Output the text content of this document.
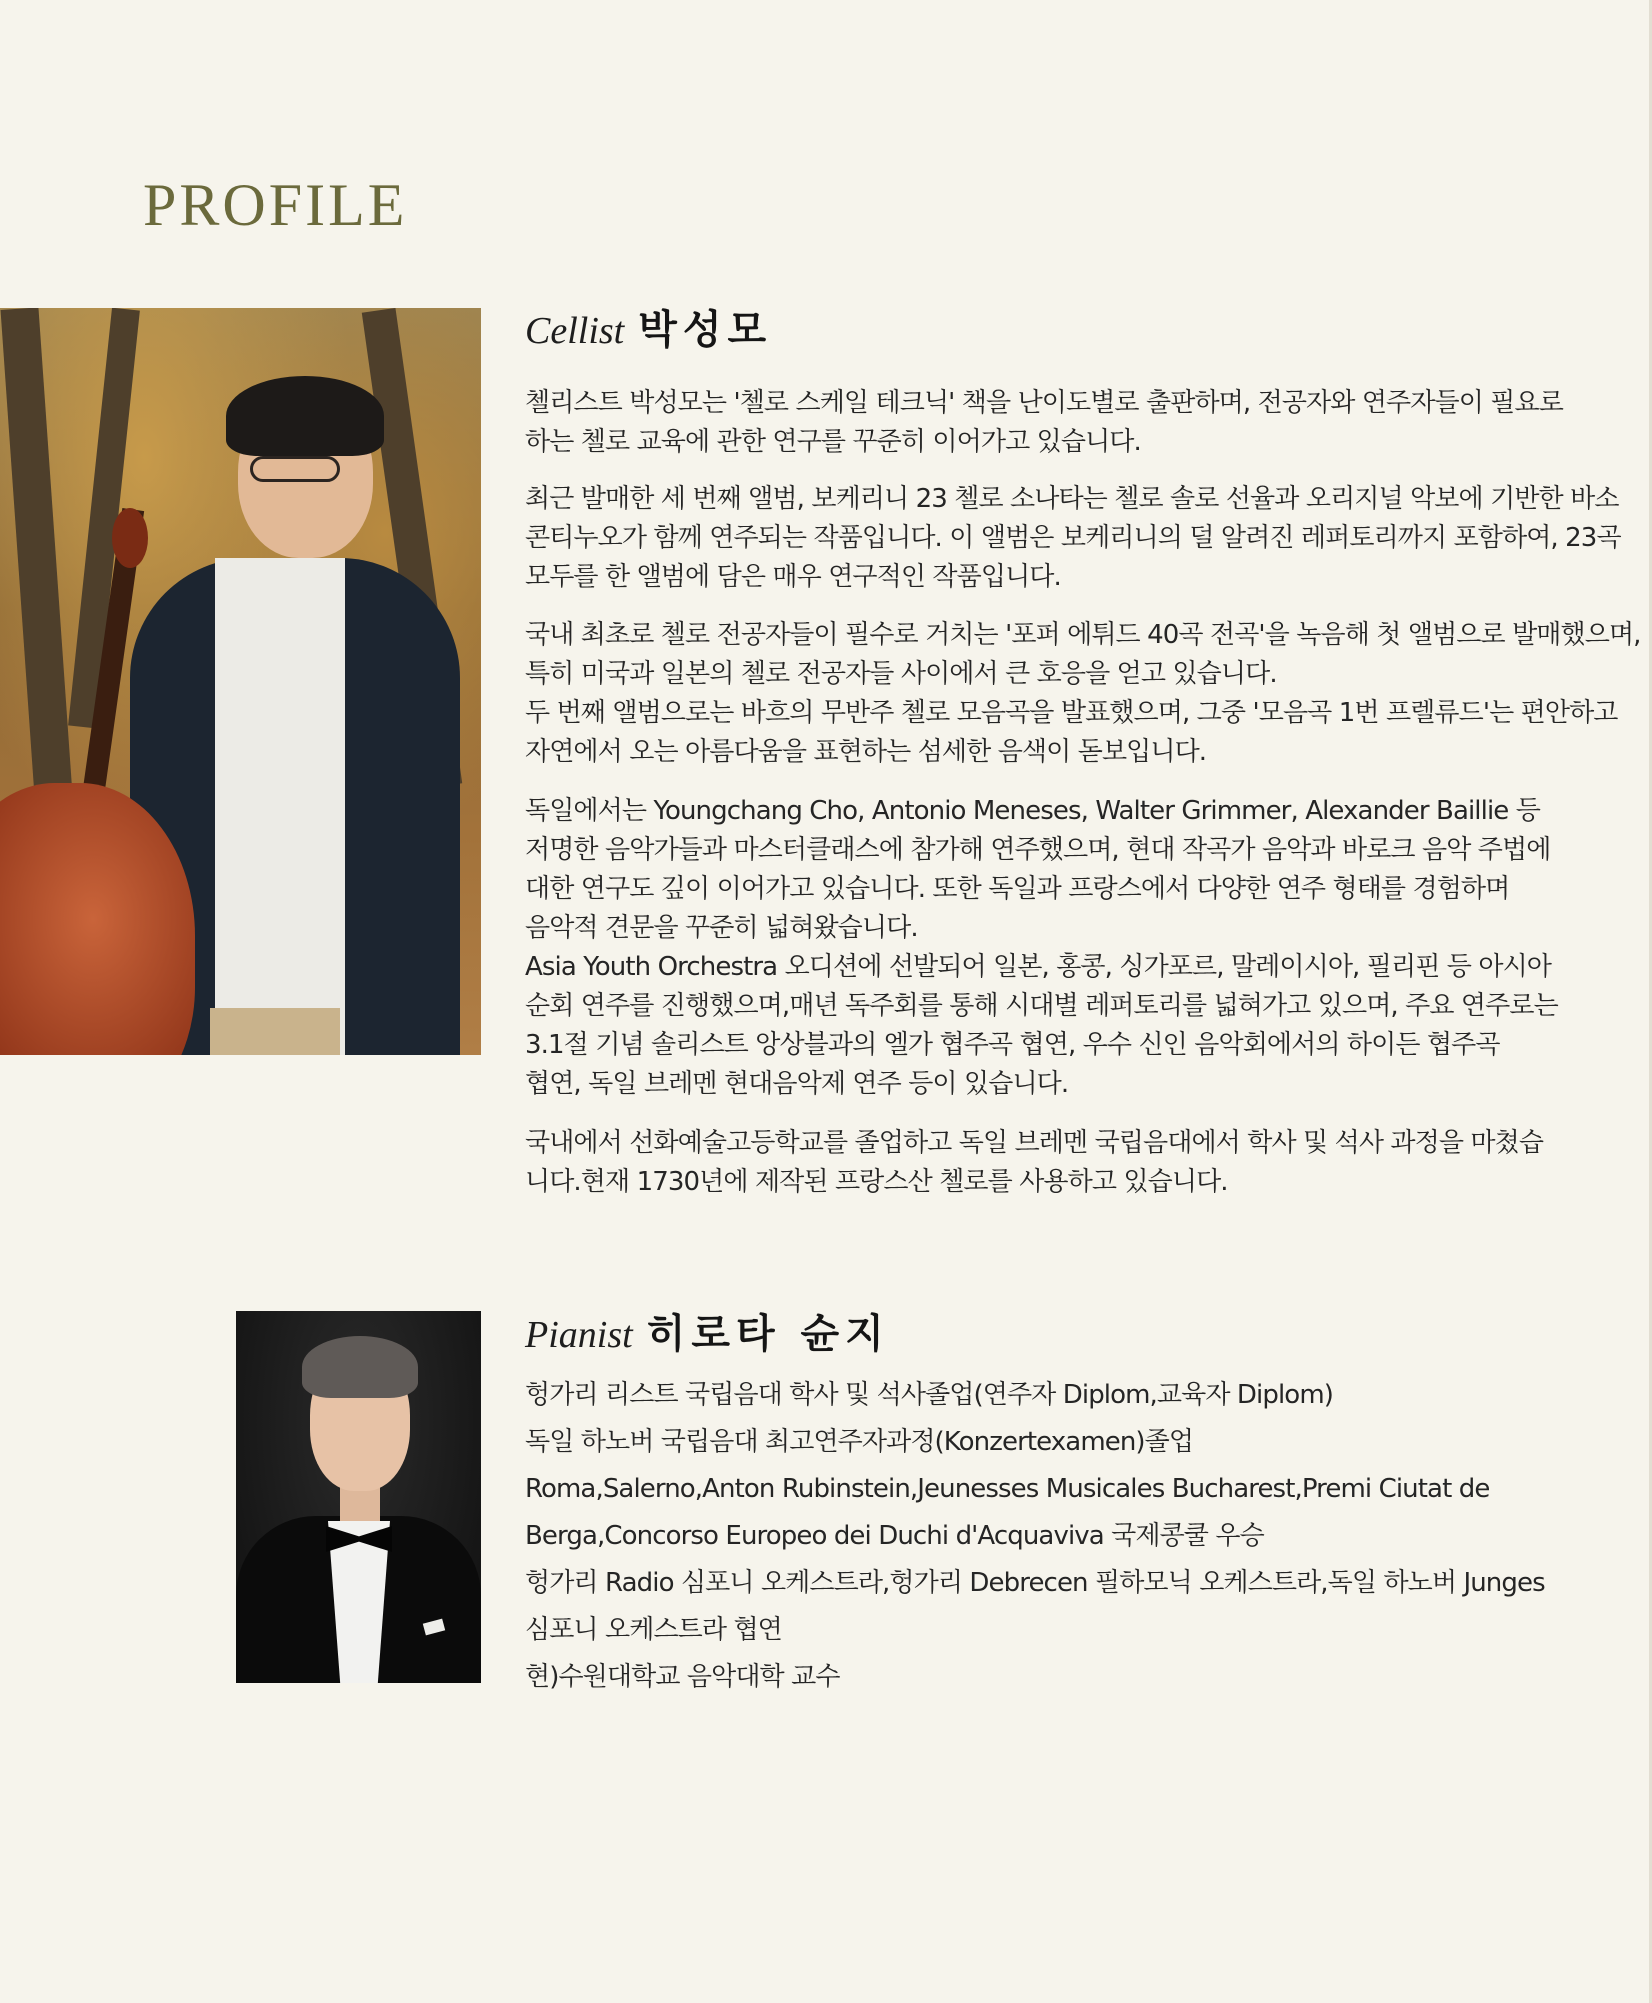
PROFILE
Cellist 박성모

첼리스트 박성모는 '첼로 스케일 테크닉' 책을 난이도별로 출판하며, 전공자와 연주자들이 필요로
하는 첼로 교육에 관한 연구를 꾸준히 이어가고 있습니다.

최근 발매한 세 번째 앨범, 보케리니 23 첼로 소나타는 첼로 솔로 선율과 오리지널 악보에 기반한 바소
콘티누오가 함께 연주되는 작품입니다. 이 앨범은 보케리니의 덜 알려진 레퍼토리까지 포함하여, 23곡
모두를 한 앨범에 담은 매우 연구적인 작품입니다.

국내 최초로 첼로 전공자들이 필수로 거치는 '포퍼 에튀드 40곡 전곡'을 녹음해 첫 앨범으로 발매했으며,
특히 미국과 일본의 첼로 전공자들 사이에서 큰 호응을 얻고 있습니다.
두 번째 앨범으로는 바흐의 무반주 첼로 모음곡을 발표했으며, 그중 '모음곡 1번 프렐류드'는 편안하고
자연에서 오는 아름다움을 표현하는 섬세한 음색이 돋보입니다.

독일에서는 Youngchang Cho, Antonio Meneses, Walter Grimmer, Alexander Baillie 등
저명한 음악가들과 마스터클래스에 참가해 연주했으며, 현대 작곡가 음악과 바로크 음악 주법에
대한 연구도 깊이 이어가고 있습니다. 또한 독일과 프랑스에서 다양한 연주 형태를 경험하며
음악적 견문을 꾸준히 넓혀왔습니다.
Asia Youth Orchestra 오디션에 선발되어 일본, 홍콩, 싱가포르, 말레이시아, 필리핀 등 아시아
순회 연주를 진행했으며,매년 독주회를 통해 시대별 레퍼토리를 넓혀가고 있으며, 주요 연주로는
3.1절 기념 솔리스트 앙상블과의 엘가 협주곡 협연, 우수 신인 음악회에서의 하이든 협주곡
협연, 독일 브레멘 현대음악제 연주 등이 있습니다.

국내에서 선화예술고등학교를 졸업하고 독일 브레멘 국립음대에서 학사 및 석사 과정을 마쳤습
니다.현재 1730년에 제작된 프랑스산 첼로를 사용하고 있습니다.

Pianist 히로타 슌지
헝가리 리스트 국립음대 학사 및 석사졸업(연주자 Diplom,교육자 Diplom)
독일 하노버 국립음대 최고연주자과정(Konzertexamen)졸업
Roma,Salerno,Anton Rubinstein,Jeunesses Musicales Bucharest,Premi Ciutat de
Berga,Concorso Europeo dei Duchi d'Acquaviva 국제콩쿨 우승
헝가리 Radio 심포니 오케스트라,헝가리 Debrecen 필하모닉 오케스트라,독일 하노버 Junges
심포니 오케스트라 협연
현)수원대학교 음악대학 교수
